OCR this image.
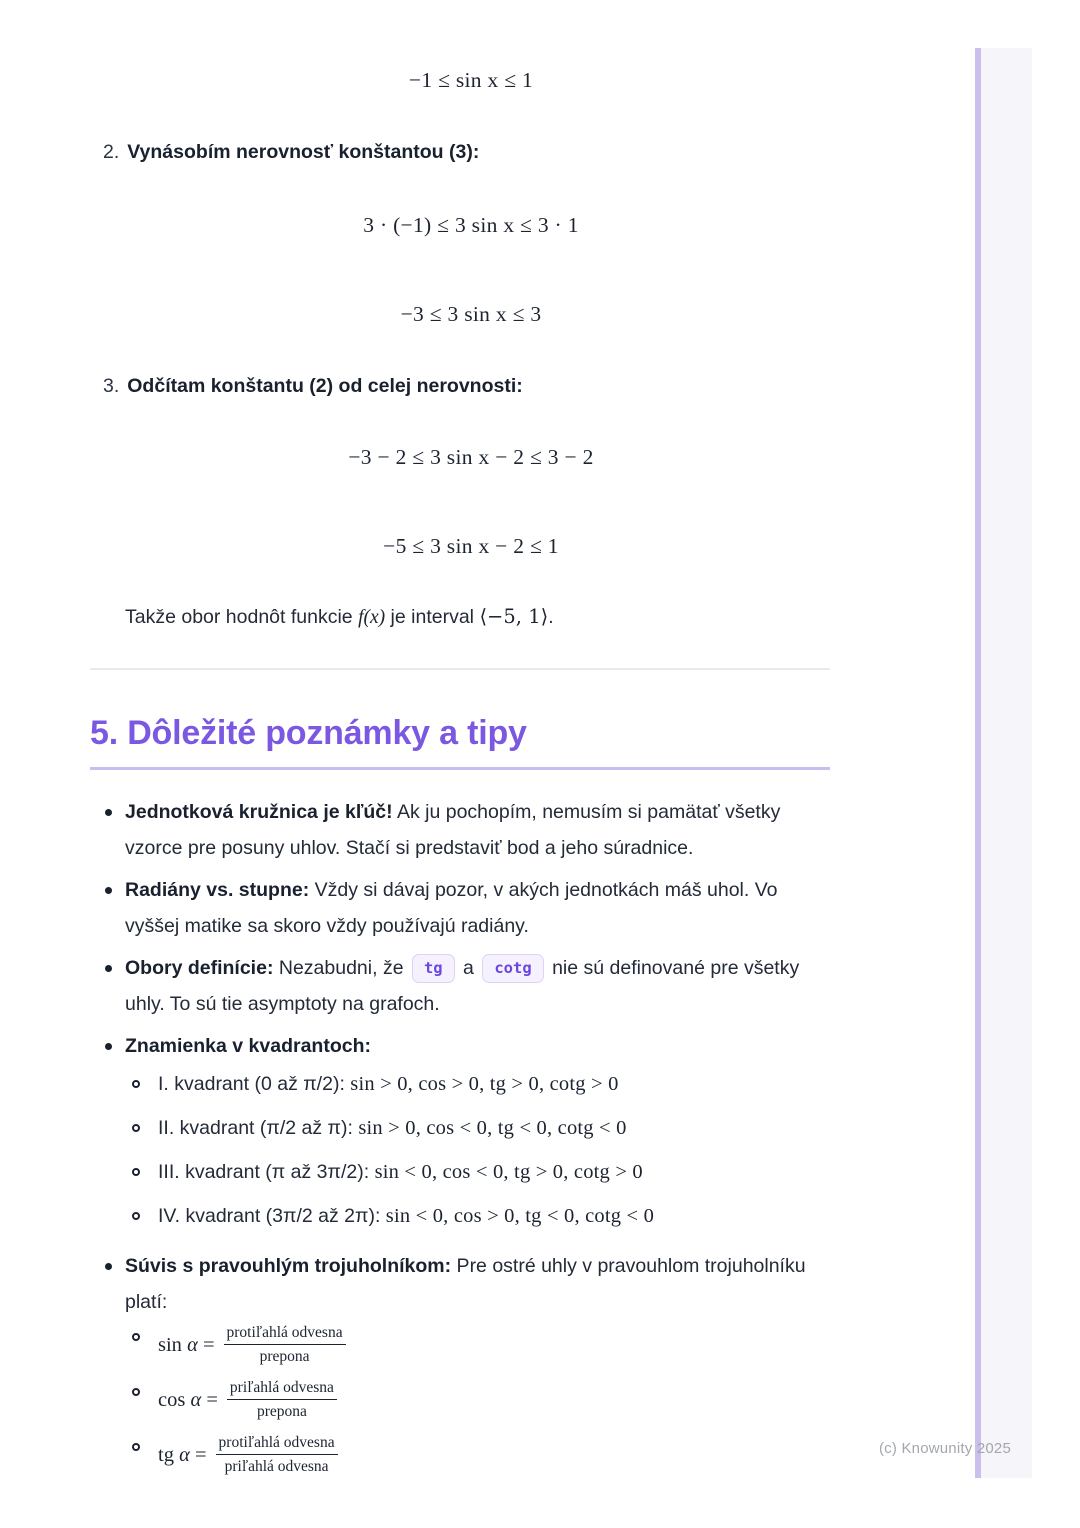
−1 ≤ sin x ≤ 1
2. Vynásobím nerovnosť konštantou (3):
3 · (−1) ≤ 3 sin x ≤ 3 · 1
−3 ≤ 3 sin x ≤ 3
3. Odčítam konštantu (2) od celej nerovnosti:
−3 − 2 ≤ 3 sin x − 2 ≤ 3 − 2
−5 ≤ 3 sin x − 2 ≤ 1

Takže obor hodnôt funkcie f(x) je interval ⟨−5, 1⟩.

5. Dôležité poznámky a tipy
Jednotková kružnica je kľúč! Ak ju pochopím, nemusím si pamätať všetky vzorce pre posuny uhlov. Stačí si predstaviť bod a jeho súradnice.
Radiány vs. stupne: Vždy si dávaj pozor, v akých jednotkách máš uhol. Vo vyššej matike sa skoro vždy používajú radiány.
Obory definície: Nezabudni, že tg a cotg nie sú definované pre všetky uhly. To sú tie asymptoty na grafoch.
Znamienka v kvadrantoch:
I. kvadrant (0 až π/2): sin > 0, cos > 0, tg > 0, cotg > 0
II. kvadrant (π/2 až π): sin > 0, cos < 0, tg < 0, cotg < 0
III. kvadrant (π až 3π/2): sin < 0, cos < 0, tg > 0, cotg > 0
IV. kvadrant (3π/2 až 2π): sin < 0, cos > 0, tg < 0, cotg < 0
Súvis s pravouhlým trojuholníkom: Pre ostré uhly v pravouhlom trojuholníku platí:
$\sin \alpha = \frac{\text{protiľahlá odvesna}}{\text{prepona}}$
$\cos \alpha = \frac{\text{priľahlá odvesna}}{\text{prepona}}$
tg $\alpha = \frac{\text{protiľahlá odvesna}}{\text{priľahlá odvesna}}$	(c) Knowunity 2025
